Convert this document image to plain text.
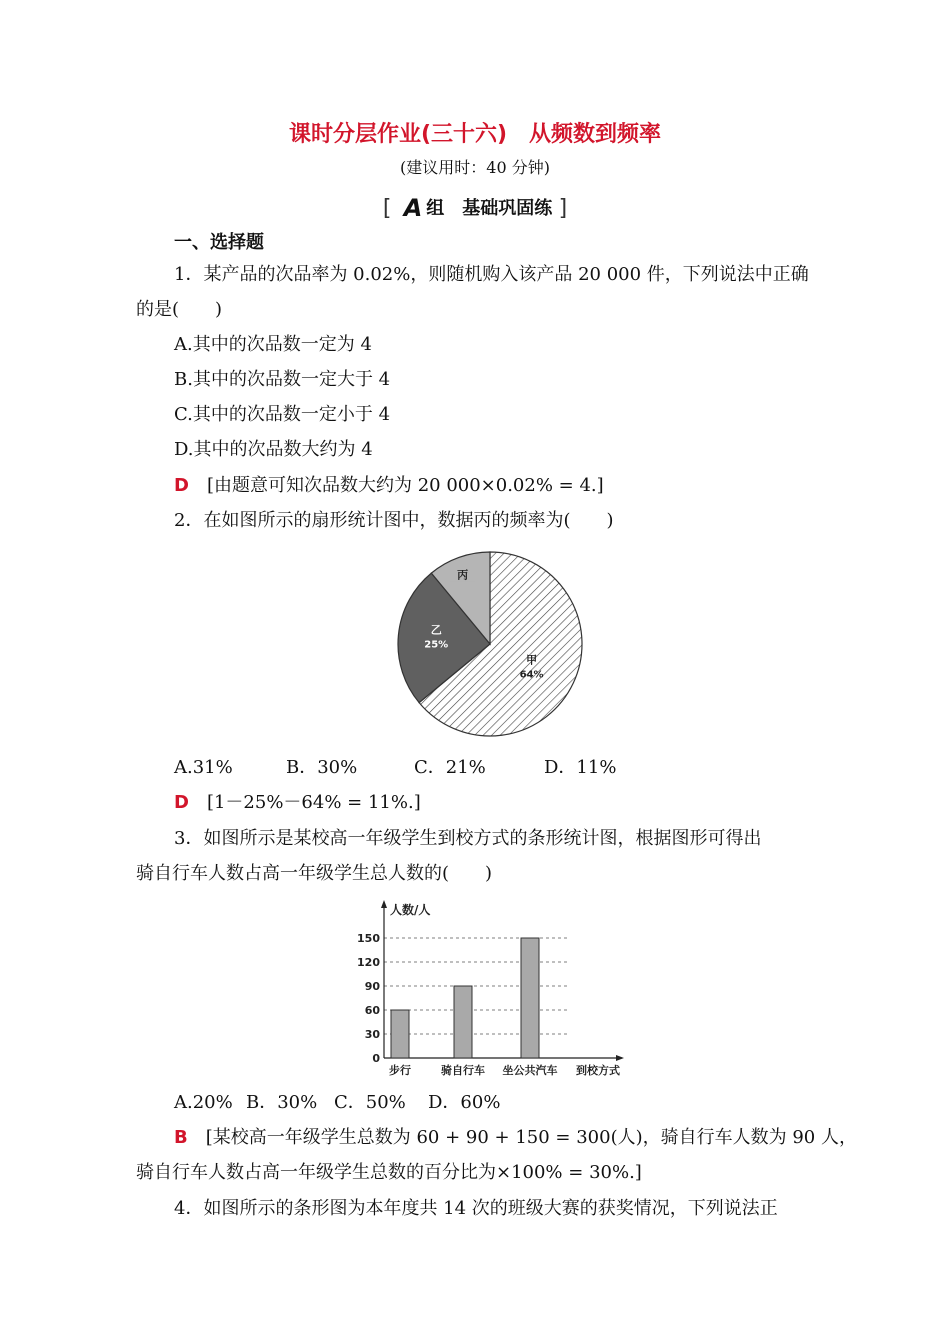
课时分层作业(三十六)　从频数到频率
(建议用时：40 分钟)
[ A 组　基础巩固练 ]
一、选择题
1．某产品的次品率为 0.02%，则随机购入该产品 20 000 件，下列说法中正确
的是(　　)
A.其中的次品数一定为 4
B.其中的次品数一定大于 4
C.其中的次品数一定小于 4
D.其中的次品数大约为 4
D [由题意可知次品数大约为 20 000×0.02% = 4.]
2．在如图所示的扇形统计图中，数据丙的频率为(　　)
甲
64%
乙
25%
丙
A.31%	B．30%	C．21%	D．11%
D [1－25%－64% = 11%.]
3．如图所示是某校高一年级学生到校方式的条形统计图，根据图形可得出
骑自行车人数占高一年级学生总人数的(　　)
0
30
60
90
120
150
人数/人
步行	骑自行车 坐公共汽车 到校方式
A.20% B．30% C．50% D．60%
B [某校高一年级学生总数为 60 + 90 + 150 = 300(人)，骑自行车人数为 90 人，
骑自行车人数占高一年级学生总数的百分比为×100% = 30%.]
4．如图所示的条形图为本年度共 14 次的班级大赛的获奖情况，下列说法正
